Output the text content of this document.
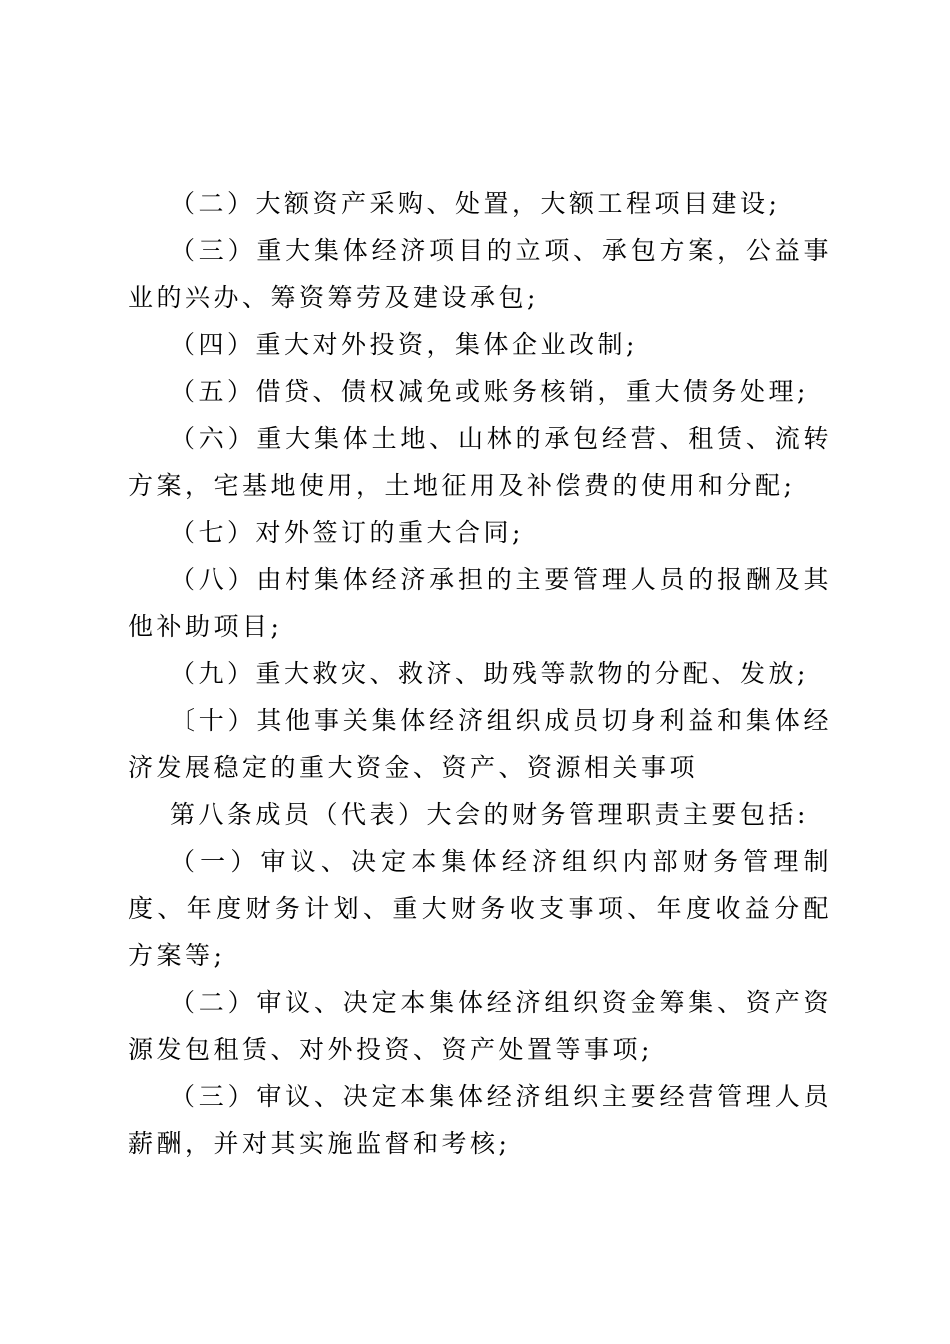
（二）大额资产采购、处置，大额工程项目建设;

（三）重大集体经济项目的立项、承包方案，公益事业的兴办、筹资筹劳及建设承包;

（四）重大对外投资，集体企业改制;

（五）借贷、债权减免或账务核销，重大债务处理;

（六）重大集体土地、山林的承包经营、租赁、流转方案，宅基地使用，土地征用及补偿费的使用和分配;

（七）对外签订的重大合同;

（八）由村集体经济承担的主要管理人员的报酬及其他补助项目;

（九）重大救灾、救济、助残等款物的分配、发放;

〔十）其他事关集体经济组织成员切身利益和集体经济发展稳定的重大资金、资产、资源相关事项

第八条成员（代表）大会的财务管理职责主要包括:

（一）审议、决定本集体经济组织内部财务管理制度、年度财务计划、重大财务收支事项、年度收益分配方案等;

（二）审议、决定本集体经济组织资金筹集、资产资源发包租赁、对外投资、资产处置等事项;

（三）审议、决定本集体经济组织主要经营管理人员薪酬，并对其实施监督和考核;
